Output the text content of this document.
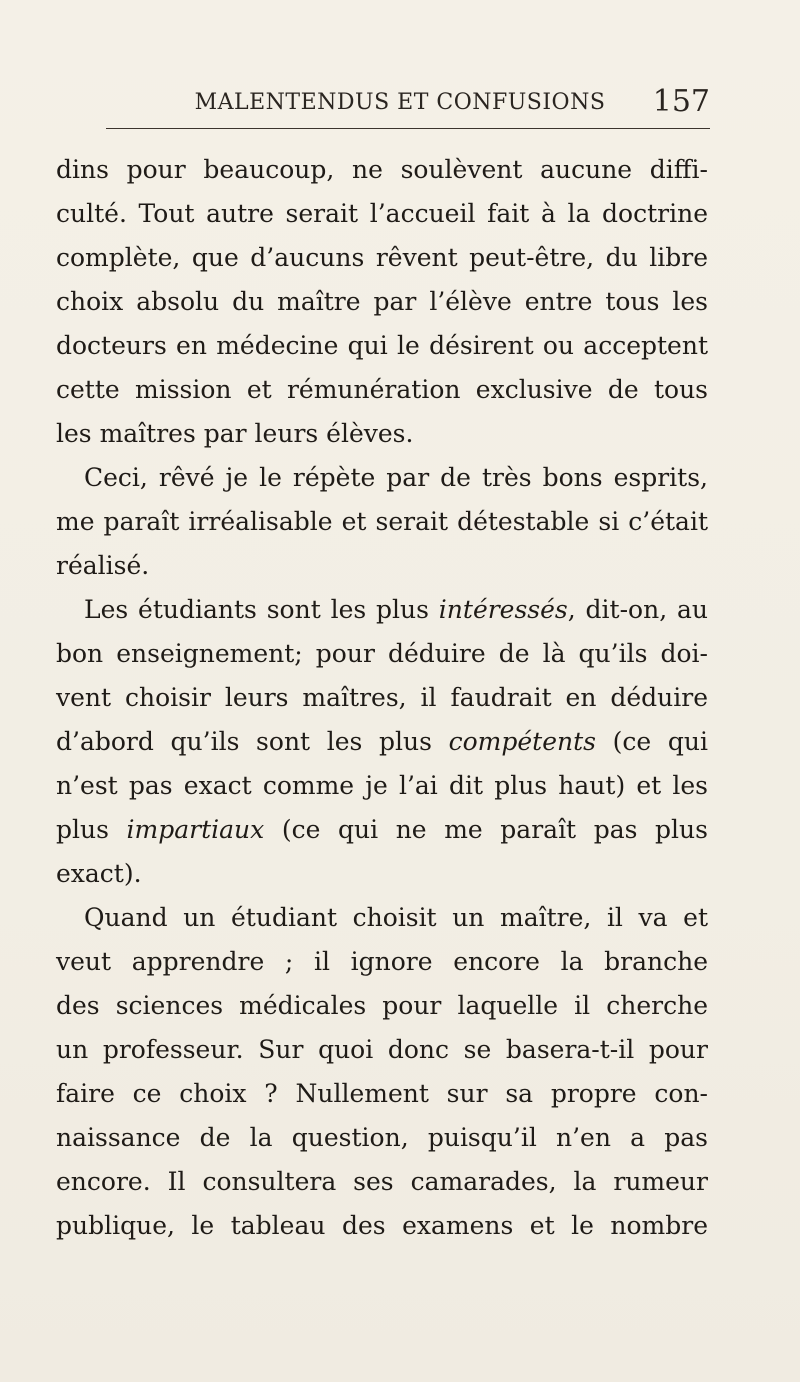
MALENTENDUS ET CONFUSIONS 157
dins pour beaucoup, ne soulèvent aucune diffi-
culté. Tout autre serait l’accueil fait à la doctrine
complète, que d’aucuns rêvent peut-être, du libre
choix absolu du maître par l’élève entre tous les
docteurs en médecine qui le désirent ou acceptent
cette mission et rémunération exclusive de tous
les maîtres par leurs élèves.
Ceci, rêvé je le répète par de très bons esprits,
me paraît irréalisable et serait détestable si c’était
réalisé.
Les étudiants sont les plus intéressés, dit-on, au
bon enseignement; pour déduire de là qu’ils doi-
vent choisir leurs maîtres, il faudrait en déduire
d’abord qu’ils sont les plus compétents (ce qui
n’est pas exact comme je l’ai dit plus haut) et les
plus impartiaux (ce qui ne me paraît pas plus
exact).
Quand un étudiant choisit un maître, il va et
veut apprendre ; il ignore encore la branche
des sciences médicales pour laquelle il cherche
un professeur. Sur quoi donc se basera-t-il pour
faire ce choix ? Nullement sur sa propre con-
naissance de la question, puisqu’il n’en a pas
encore. Il consultera ses camarades, la rumeur
publique, le tableau des examens et le nombre
